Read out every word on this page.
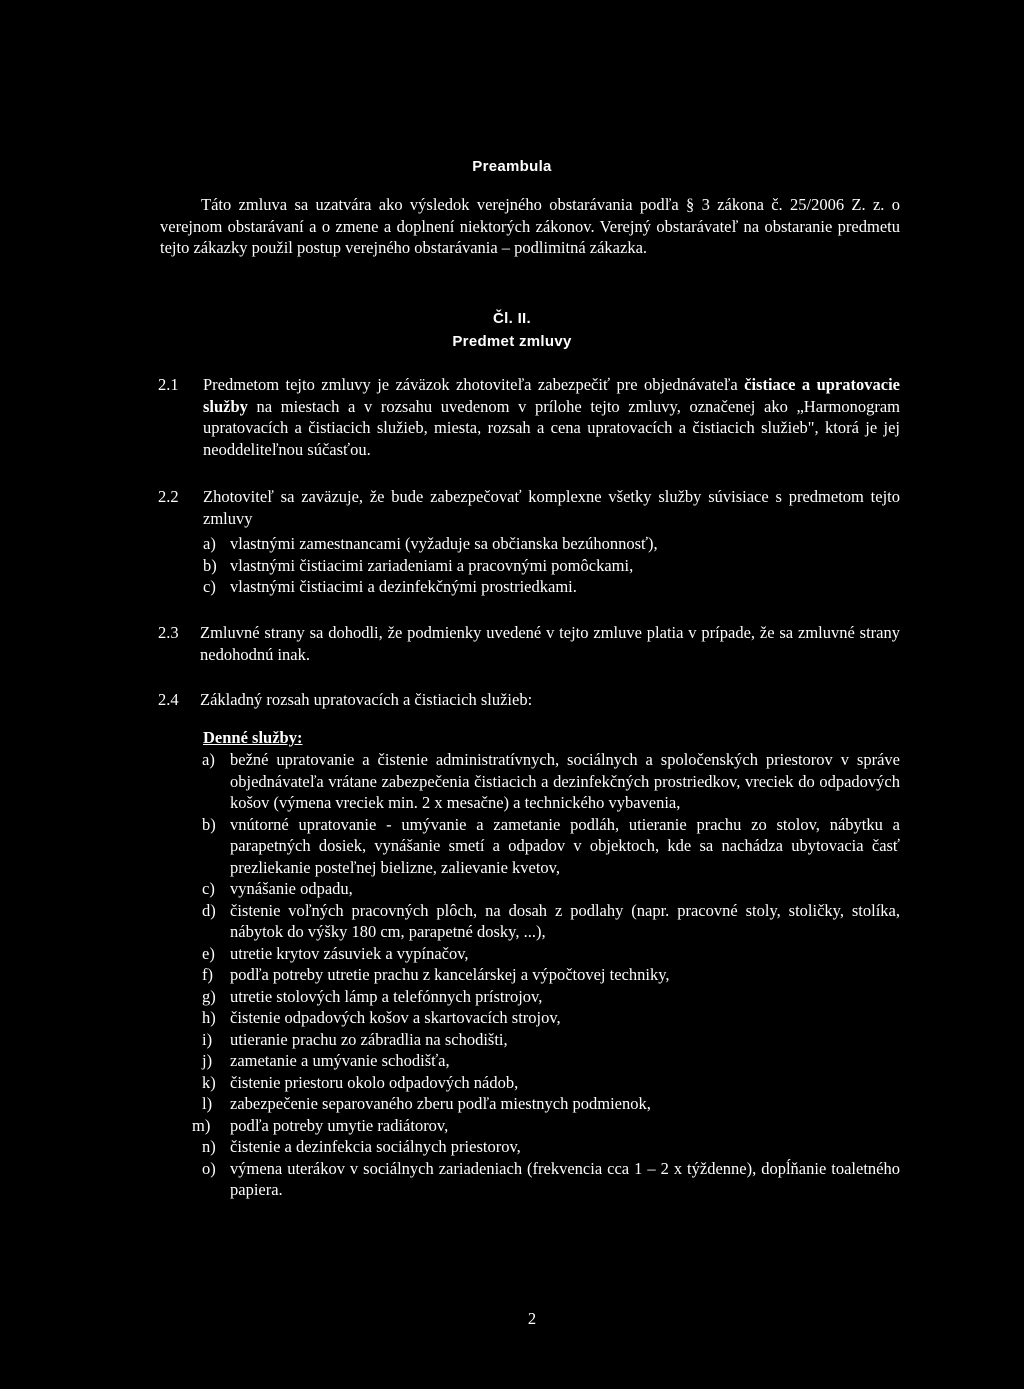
Preambula
Táto zmluva sa uzatvára ako výsledok verejného obstarávania podľa § 3 zákona č. 25/2006 Z. z. o verejnom obstarávaní a o zmene a doplnení niektorých zákonov. Verejný obstarávateľ na obstaranie predmetu tejto zákazky použil postup verejného obstarávania – podlimitná zákazka.
Čl. II.
Predmet zmluvy
2.1 Predmetom tejto zmluvy je záväzok zhotoviteľa zabezpečiť pre objednávateľa čistiace a upratovacie služby na miestach a v rozsahu uvedenom v prílohe tejto zmluvy, označenej ako „Harmonogram upratovacích a čistiacich služieb, miesta, rozsah a cena upratovacích a čistiacich služieb", ktorá je jej neoddeliteľnou súčasťou.
2.2 Zhotoviteľ sa zaväzuje, že bude zabezpečovať komplexne všetky služby súvisiace s predmetom tejto zmluvy
a) vlastnými zamestnancami (vyžaduje sa občianska bezúhonnosť),
b) vlastnými čistiacimi zariadeniami a pracovnými pomôckami,
c) vlastnými čistiacimi a dezinfekčnými prostriedkami.
2.3 Zmluvné strany sa dohodli, že podmienky uvedené v tejto zmluve platia v prípade, že sa zmluvné strany nedohodnú inak.
2.4 Základný rozsah upratovacích a čistiacich služieb:
Denné služby:
a) bežné upratovanie a čistenie administratívnych, sociálnych a spoločenských priestorov v správe objednávateľa vrátane zabezpečenia čistiacich a dezinfekčných prostriedkov, vreciek do odpadových košov (výmena vreciek min. 2 x mesačne) a technického vybavenia,
b) vnútorné upratovanie - umývanie a zametanie podláh, utieranie prachu zo stolov, nábytku a parapetných dosiek, vynášanie smetí a odpadov v objektoch, kde sa nachádza ubytovacia časť prezliekanie posteľnej bielizne, zalievanie kvetov,
c) vynášanie odpadu,
d) čistenie voľných pracovných plôch, na dosah z podlahy (napr. pracovné stoly, stoličky, stolíka, nábytok do výšky 180 cm, parapetné dosky, ...),
e) utretie krytov zásuviek a vypínačov,
f) podľa potreby utretie prachu z kancelárskej a výpočtovej techniky,
g) utretie stolových lámp a telefónnych prístrojov,
h) čistenie odpadových košov a skartovacích strojov,
i) utieranie prachu zo zábradlia na schodišti,
j) zametanie a umývanie schodišťa,
k) čistenie priestoru okolo odpadových nádob,
l) zabezpečenie separovaného zberu podľa miestnych podmienok,
m) podľa potreby umytie radiátorov,
n) čistenie a dezinfekcia sociálnych priestorov,
o) výmena uterákov v sociálnych zariadeniach (frekvencia cca 1 – 2 x týždenne), dopĺňanie toaletného papiera.
2
